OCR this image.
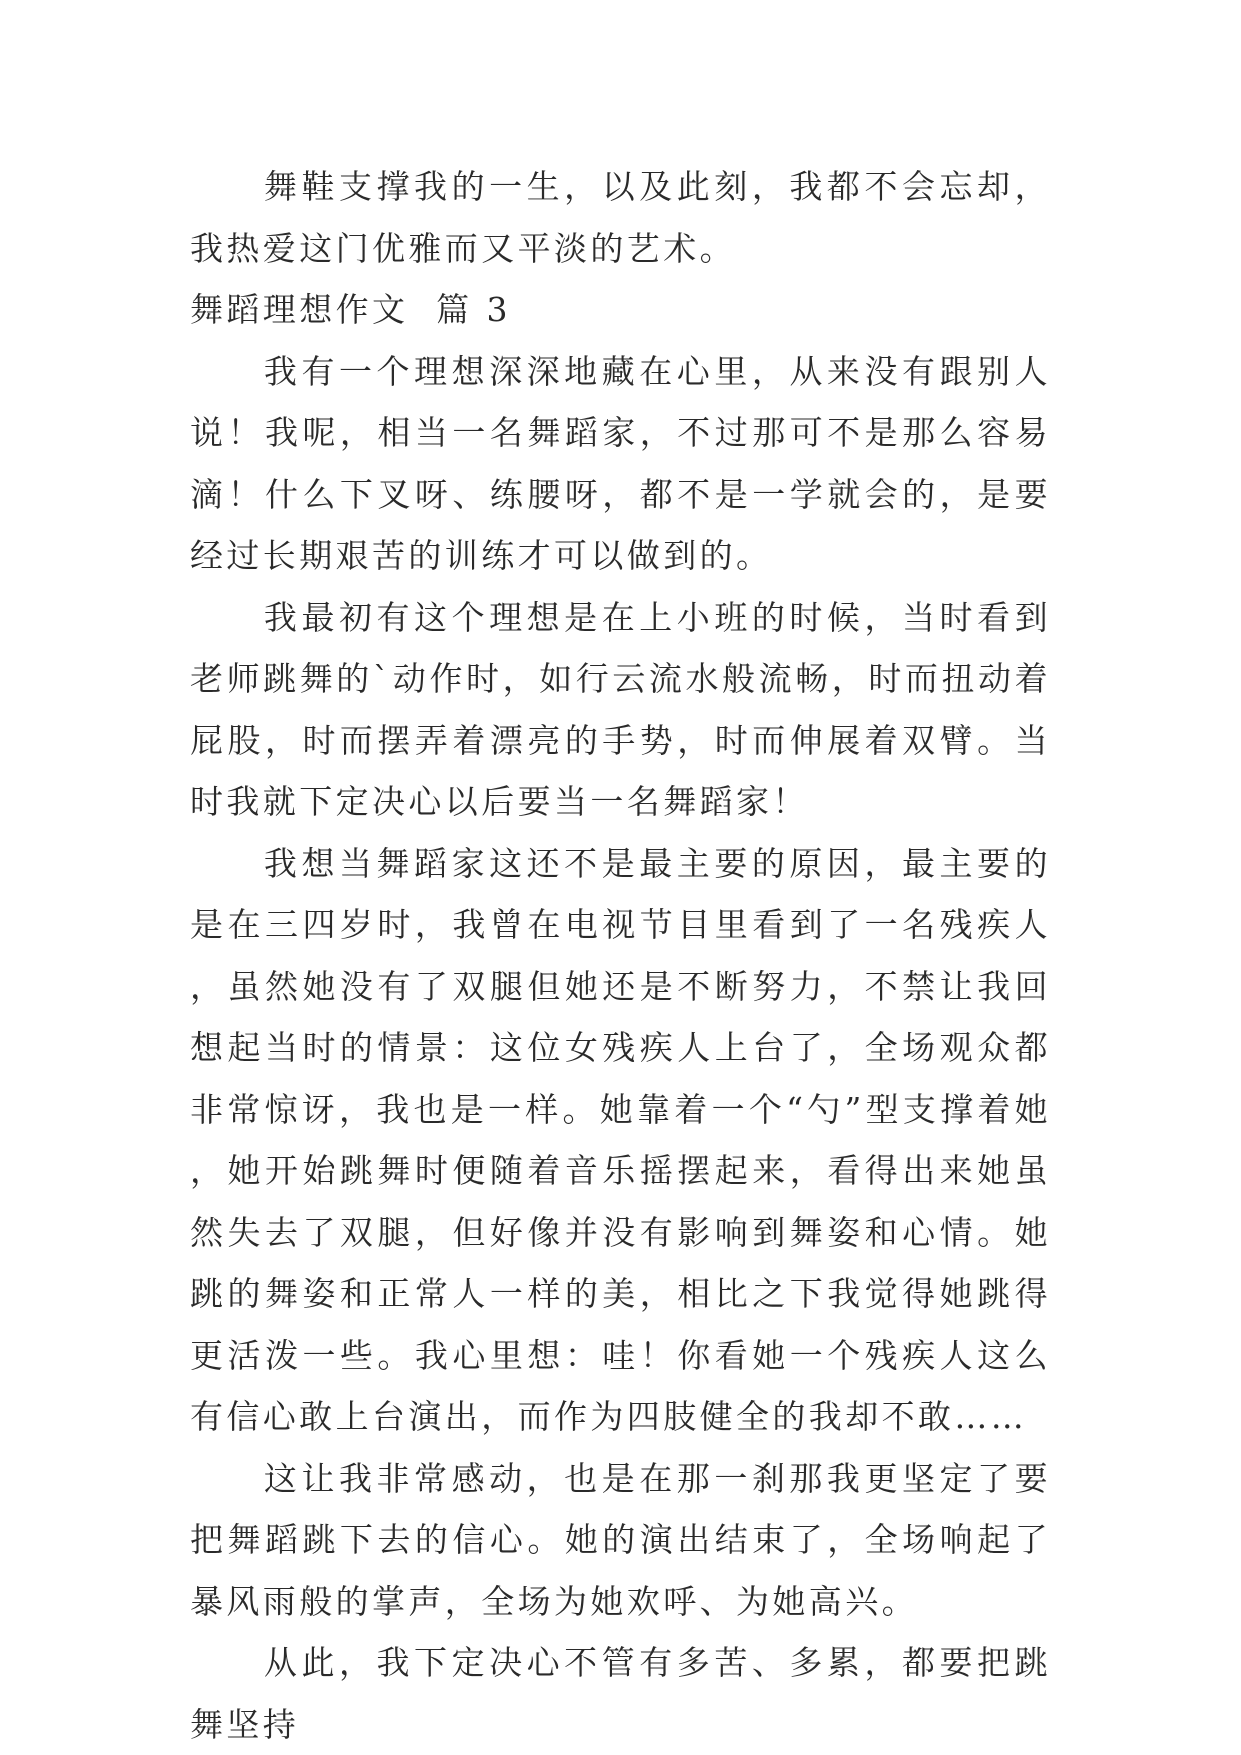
舞鞋支撑我的一生，以及此刻，我都不会忘却，我热爱这门优雅而又平淡的艺术。

舞蹈理想作文  篇 3

我有一个理想深深地藏在心里，从来没有跟别人说！我呢，相当一名舞蹈家，不过那可不是那么容易滴！什么下叉呀、练腰呀，都不是一学就会的，是要经过长期艰苦的训练才可以做到的。

我最初有这个理想是在上小班的时候，当时看到老师跳舞的`动作时，如行云流水般流畅，时而扭动着屁股，时而摆弄着漂亮的手势，时而伸展着双臂。当时我就下定决心以后要当一名舞蹈家！

我想当舞蹈家这还不是最主要的原因，最主要的是在三四岁时，我曾在电视节目里看到了一名残疾人，虽然她没有了双腿但她还是不断努力，不禁让我回想起当时的情景：这位女残疾人上台了，全场观众都非常惊讶，我也是一样。她靠着一个“勺”型支撑着她，她开始跳舞时便随着音乐摇摆起来，看得出来她虽然失去了双腿，但好像并没有影响到舞姿和心情。她跳的舞姿和正常人一样的美，相比之下我觉得她跳得更活泼一些。我心里想：哇！你看她一个残疾人这么有信心敢上台演出，而作为四肢健全的我却不敢……

这让我非常感动，也是在那一刹那我更坚定了要把舞蹈跳下去的信心。她的演出结束了，全场响起了暴风雨般的掌声，全场为她欢呼、为她高兴。

从此，我下定决心不管有多苦、多累，都要把跳舞坚持
